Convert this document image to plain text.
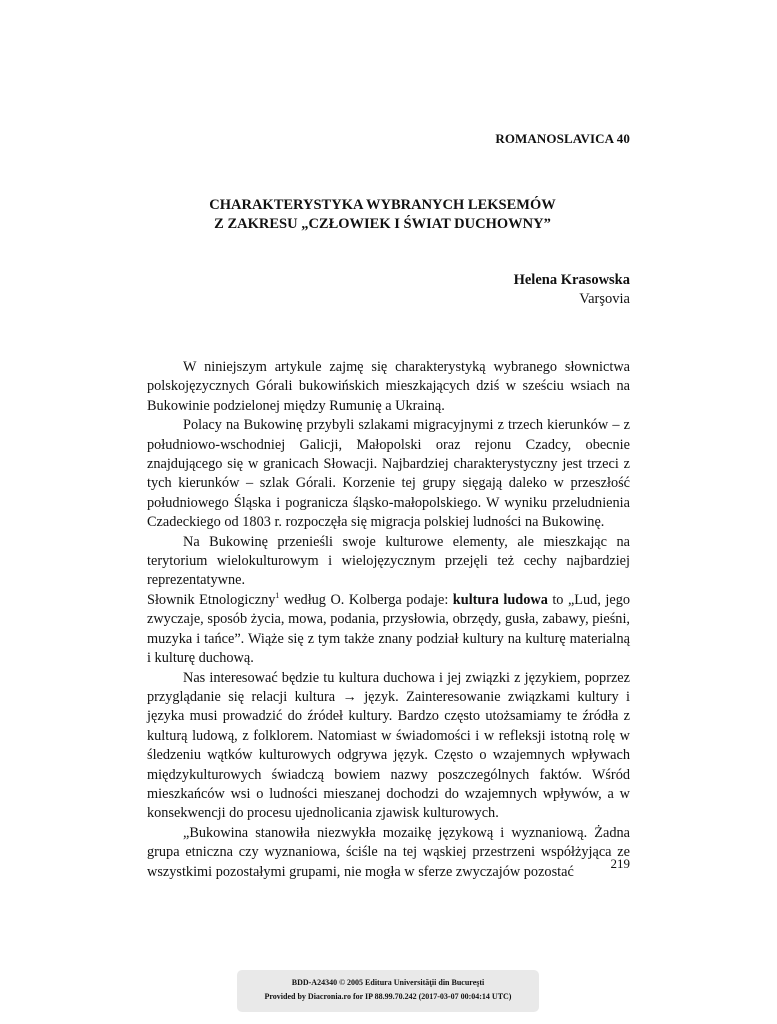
ROMANOSLAVICA 40
CHARAKTERYSTYKA WYBRANYCH LEKSEMÓW
Z ZAKRESU „CZŁOWIEK I ŚWIAT DUCHOWNY”
Helena Krasowska
Varşovia

W niniejszym artykule zajmę się charakterystyką wybranego słownictwa polskojęzycznych Górali bukowińskich mieszkających dziś w sześciu wsiach na Bukowinie podzielonej między Rumunię a Ukrainą.

Polacy na Bukowinę przybyli szlakami migracyjnymi z trzech kierunków – z południowo-wschodniej Galicji, Małopolski oraz rejonu Czadcy, obecnie znajdującego się w granicach Słowacji. Najbardziej charakterystyczny jest trzeci z tych kierunków – szlak Górali. Korzenie tej grupy sięgają daleko w przeszłość południowego Śląska i pogranicza śląsko-małopolskiego. W wyniku przeludnienia Czadeckiego od 1803 r. rozpoczęła się migracja polskiej ludności na Bukowinę.

Na Bukowinę przenieśli swoje kulturowe elementy, ale mieszkając na terytorium wielokulturowym i wielojęzycznym przejęli też cechy najbardziej reprezentatywne.

Słownik Etnologiczny$^1$ według O. Kolberga podaje: kultura ludowa to „Lud, jego zwyczaje, sposób życia, mowa, podania, przysłowia, obrzędy, gusła, zabawy, pieśni, muzyka i tańce”. Wiąże się z tym także znany podział kultury na kulturę materialną i kulturę duchową.

Nas interesować będzie tu kultura duchowa i jej związki z językiem, poprzez przyglądanie się relacji kultura → język. Zainteresowanie związkami kultury i języka musi prowadzić do źródeł kultury. Bardzo często utożsamiamy te źródła z kulturą ludową, z folklorem. Natomiast w świadomości i w refleksji istotną rolę w śledzeniu wątków kulturowych odgrywa język. Często o wzajemnych wpływach międzykulturowych świadczą bowiem nazwy poszczególnych faktów. Wśród mieszkańców wsi o ludności mieszanej dochodzi do wzajemnych wpływów, a w konsekwencji do procesu ujednolicania zjawisk kulturowych.

„Bukowina stanowiła niezwykła mozaikę językową i wyznaniową. Żadna grupa etniczna czy wyznaniowa, ściśle na tej wąskiej przestrzeni współżyjąca ze wszystkimi pozostałymi grupami, nie mogła w sferze zwyczajów pozostać

219
BDD-A24340 © 2005 Editura Universităţii din Bucureşti
Provided by Diacronia.ro for IP 88.99.70.242 (2017-03-07 00:04:14 UTC)
